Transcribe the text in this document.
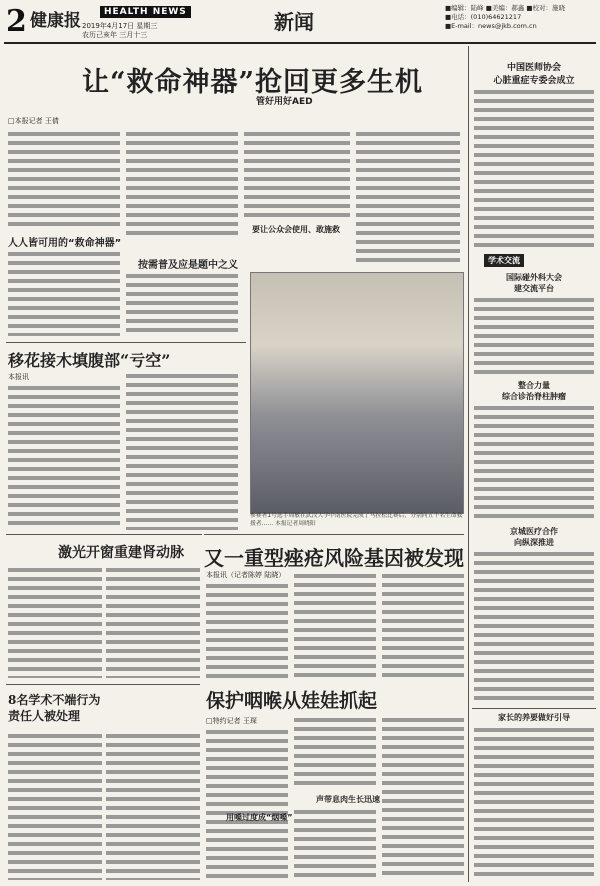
2 健康报	HEALTH NEWS
2019年4月17日 星期三
农历己亥年 三月十三
新闻
■编辑：陆峰 ■美编：郝鑫 ■校对：施晓
■电话：(010)64621217
■E-mail：news@jkb.com.cn
让“救命神器”抢回更多生机
□本报记者 王倩
人人皆可用的“救命神器”
按需普及应是题中之义
管好用好AED
要让公众会使用、敢施救
参赛者1号选手周敏在武汉大学中南医院完成了马拉松比赛后，分别向五千名生命救援者…… 本报记者周晓阳
移花接木填腹部“亏空”
本报讯
激光开窗重建肾动脉 又一重型痤疮风险基因被发现
本报讯（记者陈婷 陆晓）
8名学术不端行为
责任人被处理
保护咽喉从娃娃抓起
□特约记者 王琛
声带息肉生长迅速
用嗓过度成“烟嗓”
中国医师协会
心脏重症专委会成立
学术交流
国际碰外科大会
建交流平台
整合力量
综合诊治脊柱肿瘤
京城医疗合作
向纵深推进
家长的养要做好引导
